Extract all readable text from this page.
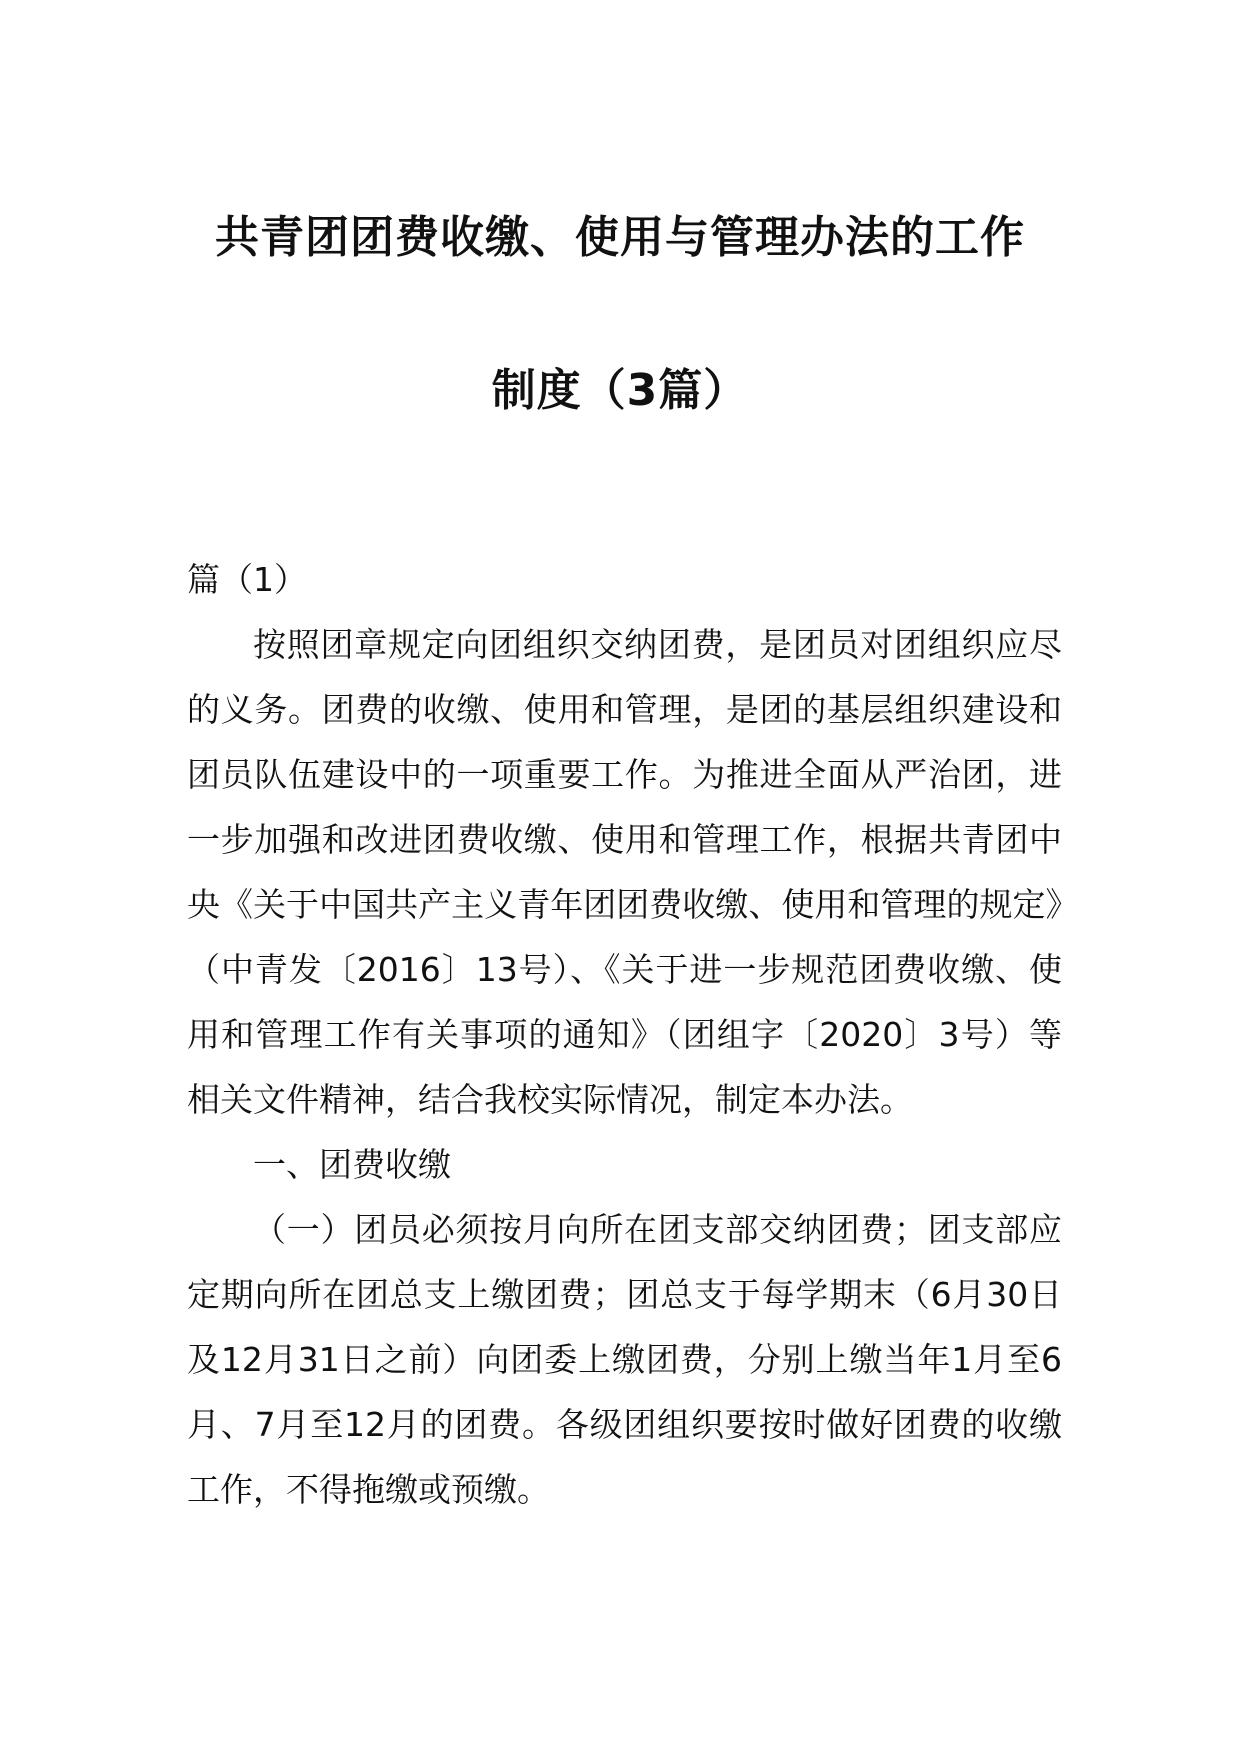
共青团团费收缴、使用与管理办法的工作
制度（3篇）

篇（1）

按照团章规定向团组织交纳团费，是团员对团组织应尽的义务。团费的收缴、使用和管理，是团的基层组织建设和团员队伍建设中的一项重要工作。为推进全面从严治团，进一步加强和改进团费收缴、使用和管理工作，根据共青团中央《关于中国共产主义青年团团费收缴、使用和管理的规定》（中青发〔2016〕13号）、《关于进一步规范团费收缴、使用和管理工作有关事项的通知》（团组字〔2020〕3号）等相关文件精神，结合我校实际情况，制定本办法。

一、团费收缴

（一）团员必须按月向所在团支部交纳团费；团支部应定期向所在团总支上缴团费；团总支于每学期末（6月30日及12月31日之前）向团委上缴团费，分别上缴当年1月至6月、7月至12月的团费。各级团组织要按时做好团费的收缴工作，不得拖缴或预缴。
